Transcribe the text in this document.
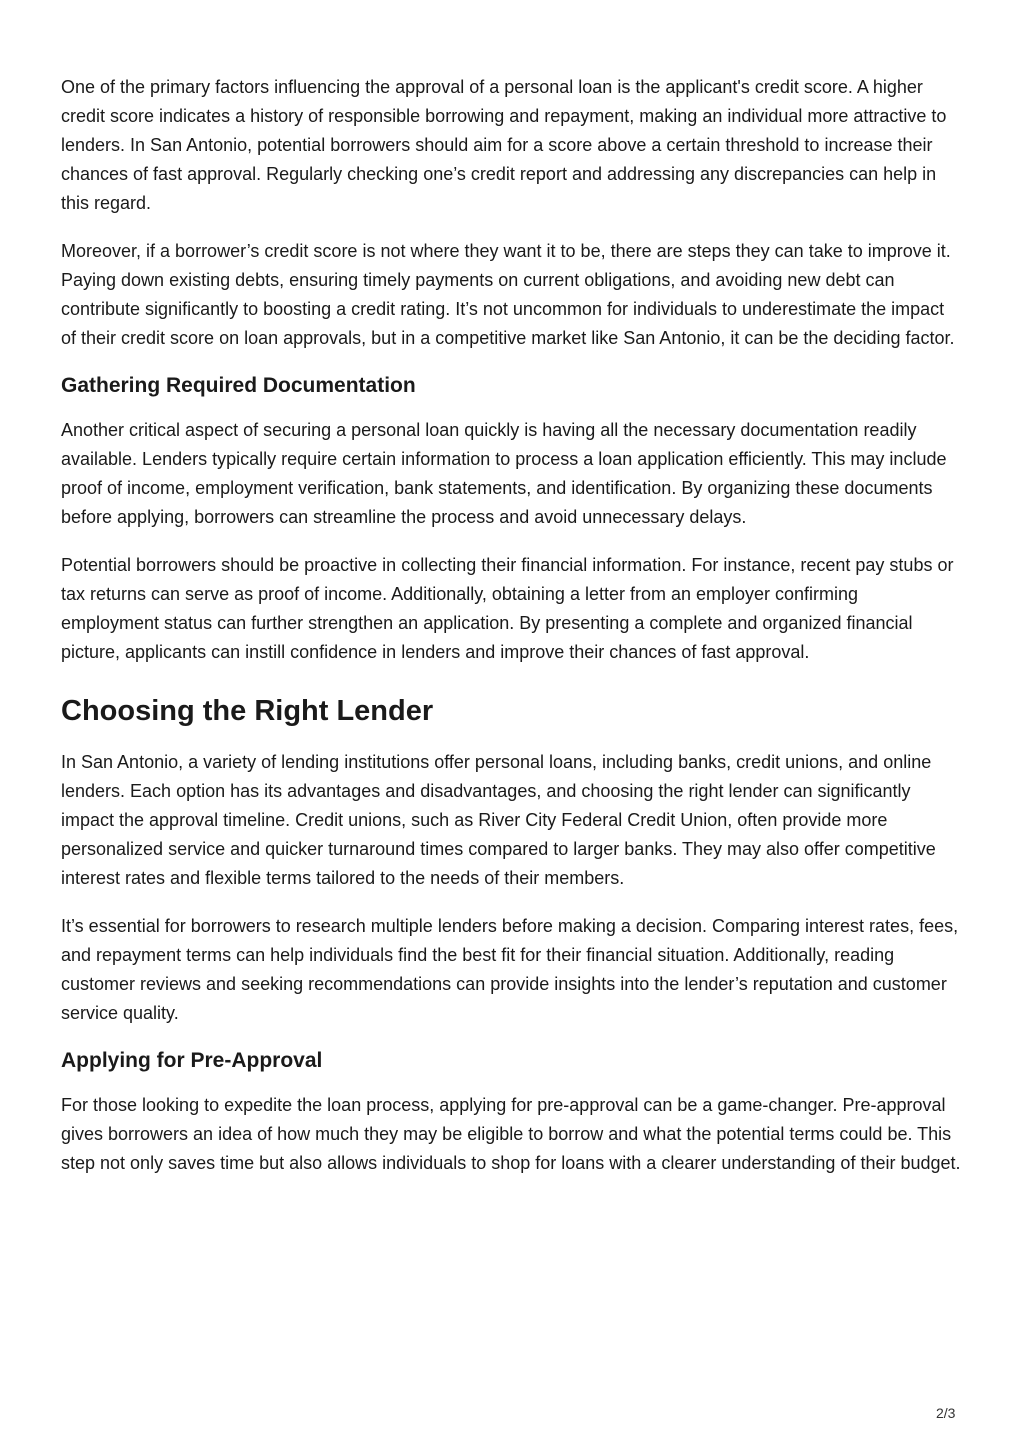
One of the primary factors influencing the approval of a personal loan is the applicant's credit score. A higher credit score indicates a history of responsible borrowing and repayment, making an individual more attractive to lenders. In San Antonio, potential borrowers should aim for a score above a certain threshold to increase their chances of fast approval. Regularly checking one’s credit report and addressing any discrepancies can help in this regard.

Moreover, if a borrower’s credit score is not where they want it to be, there are steps they can take to improve it. Paying down existing debts, ensuring timely payments on current obligations, and avoiding new debt can contribute significantly to boosting a credit rating. It’s not uncommon for individuals to underestimate the impact of their credit score on loan approvals, but in a competitive market like San Antonio, it can be the deciding factor.

Gathering Required Documentation

Another critical aspect of securing a personal loan quickly is having all the necessary documentation readily available. Lenders typically require certain information to process a loan application efficiently. This may include proof of income, employment verification, bank statements, and identification. By organizing these documents before applying, borrowers can streamline the process and avoid unnecessary delays.

Potential borrowers should be proactive in collecting their financial information. For instance, recent pay stubs or tax returns can serve as proof of income. Additionally, obtaining a letter from an employer confirming employment status can further strengthen an application. By presenting a complete and organized financial picture, applicants can instill confidence in lenders and improve their chances of fast approval.

Choosing the Right Lender

In San Antonio, a variety of lending institutions offer personal loans, including banks, credit unions, and online lenders. Each option has its advantages and disadvantages, and choosing the right lender can significantly impact the approval timeline. Credit unions, such as River City Federal Credit Union, often provide more personalized service and quicker turnaround times compared to larger banks. They may also offer competitive interest rates and flexible terms tailored to the needs of their members.

It’s essential for borrowers to research multiple lenders before making a decision. Comparing interest rates, fees, and repayment terms can help individuals find the best fit for their financial situation. Additionally, reading customer reviews and seeking recommendations can provide insights into the lender’s reputation and customer service quality.

Applying for Pre-Approval

For those looking to expedite the loan process, applying for pre-approval can be a game-changer. Pre-approval gives borrowers an idea of how much they may be eligible to borrow and what the potential terms could be. This step not only saves time but also allows individuals to shop for loans with a clearer understanding of their budget.

2/3
